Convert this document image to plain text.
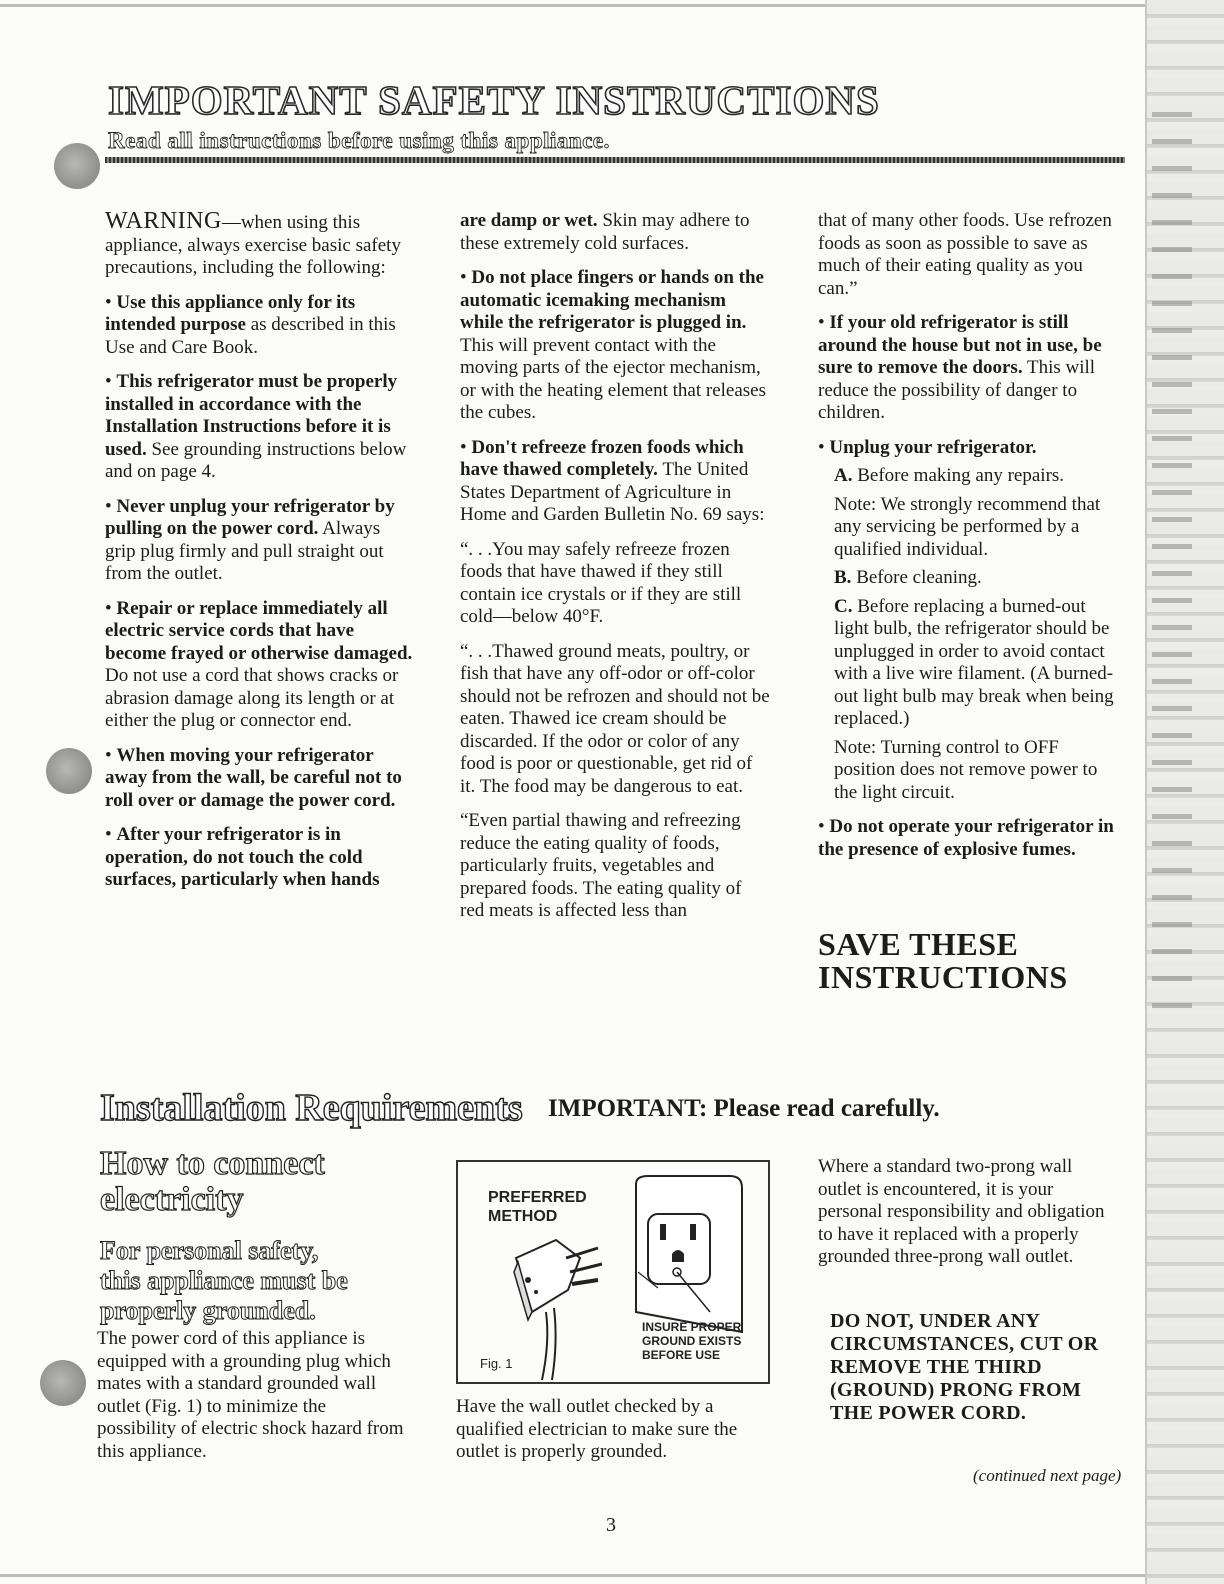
IMPORTANT SAFETY INSTRUCTIONS
Read all instructions before using this appliance.

WARNING—when using this appliance, always exercise basic safety precautions, including the following:

• Use this appliance only for its intended purpose as described in this Use and Care Book.

• This refrigerator must be properly installed in accordance with the Installation Instructions before it is used. See grounding instructions below and on page 4.

• Never unplug your refrigerator by pulling on the power cord. Always grip plug firmly and pull straight out from the outlet.

• Repair or replace immediately all electric service cords that have become frayed or otherwise damaged. Do not use a cord that shows cracks or abrasion damage along its length or at either the plug or connector end.

• When moving your refrigerator away from the wall, be careful not to roll over or damage the power cord.

• After your refrigerator is in operation, do not touch the cold surfaces, particularly when hands

are damp or wet. Skin may adhere to these extremely cold surfaces.

• Do not place fingers or hands on the automatic icemaking mechanism while the refrigerator is plugged in. This will prevent contact with the moving parts of the ejector mechanism, or with the heating element that releases the cubes.

• Don't refreeze frozen foods which have thawed completely. The United States Department of Agriculture in Home and Garden Bulletin No. 69 says:

“. . .You may safely refreeze frozen foods that have thawed if they still contain ice crystals or if they are still cold—below 40°F.

“. . .Thawed ground meats, poultry, or fish that have any off-odor or off-color should not be refrozen and should not be eaten. Thawed ice cream should be discarded. If the odor or color of any food is poor or questionable, get rid of it. The food may be dangerous to eat.

“Even partial thawing and refreezing reduce the eating quality of foods, particularly fruits, vegetables and prepared foods. The eating quality of red meats is affected less than

that of many other foods. Use refrozen foods as soon as possible to save as much of their eating quality as you can.”

• If your old refrigerator is still around the house but not in use, be sure to remove the doors. This will reduce the possibility of danger to children.

• Unplug your refrigerator.

A. Before making any repairs.

Note: We strongly recommend that any servicing be performed by a qualified individual.

B. Before cleaning.

C. Before replacing a burned-out light bulb, the refrigerator should be unplugged in order to avoid contact with a live wire filament. (A burned-out light bulb may break when being replaced.)

Note: Turning control to OFF position does not remove power to the light circuit.

• Do not operate your refrigerator in the presence of explosive fumes.

SAVE THESE
INSTRUCTIONS
Installation Requirements IMPORTANT: Please read carefully.
How to connect
electricity
For personal safety,
this appliance must be
properly grounded.
The power cord of this appliance is equipped with a grounding plug which mates with a standard grounded wall outlet (Fig. 1) to minimize the possibility of electric shock hazard from this appliance.
PREFERRED
METHOD
INSURE PROPER
GROUND EXISTS
BEFORE USE
Fig. 1
Have the wall outlet checked by a qualified electrician to make sure the outlet is properly grounded.
Where a standard two-prong wall outlet is encountered, it is your personal responsibility and obligation to have it replaced with a properly grounded three-prong wall outlet.
DO NOT, UNDER ANY CIRCUMSTANCES, CUT OR REMOVE THE THIRD (GROUND) PRONG FROM THE POWER CORD.
(continued next page)
3
